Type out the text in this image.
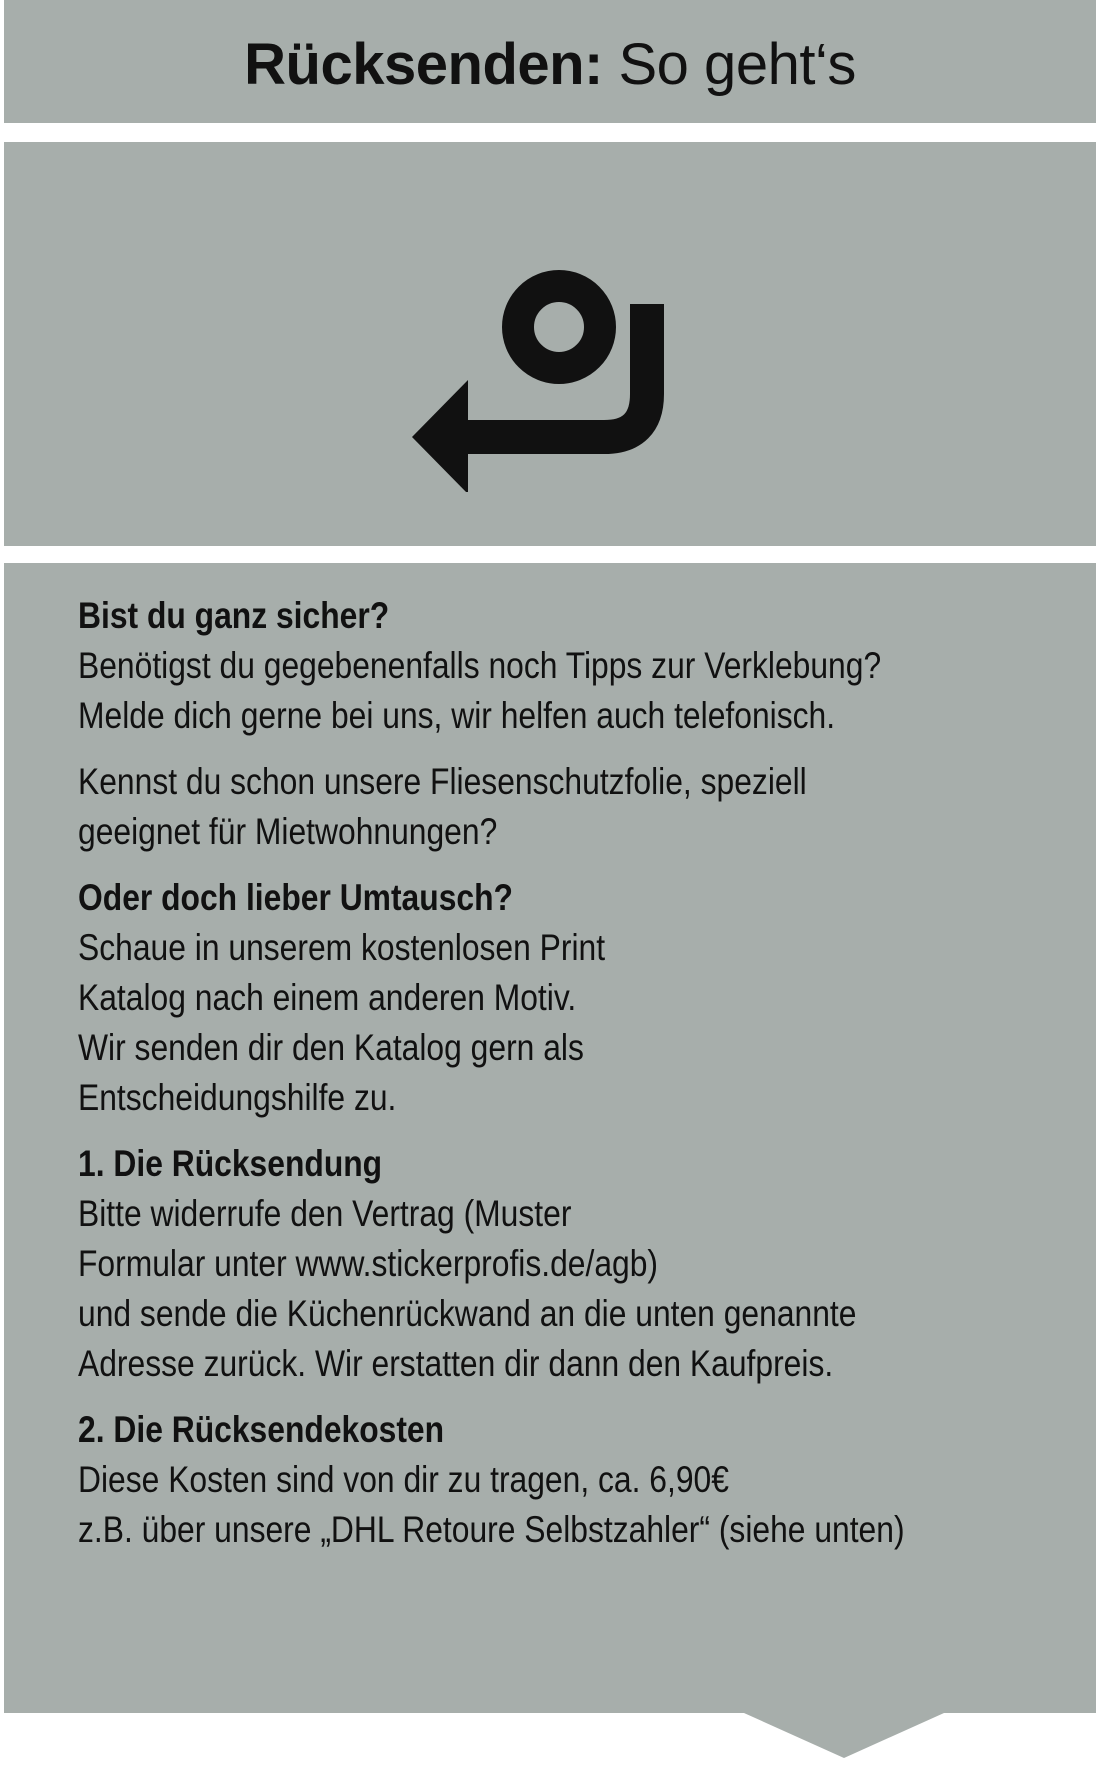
Rücksenden: So geht‘s

Bist du ganz sicher?

Benötigst du gegebenenfalls noch Tipps zur Verklebung?

Melde dich gerne bei uns, wir helfen auch telefonisch.

Kennst du schon unsere Fliesenschutzfolie, speziell

geeignet für Mietwohnungen?

Oder doch lieber Umtausch?

Schaue in unserem kostenlosen Print

Katalog nach einem anderen Motiv.

Wir senden dir den Katalog gern als

Entscheidungshilfe zu.

1. Die Rücksendung

Bitte widerrufe den Vertrag (Muster

Formular unter www.stickerprofis.de/agb)

und sende die Küchenrückwand an die unten genannte

Adresse zurück. Wir erstatten dir dann den Kaufpreis.

2. Die Rücksendekosten

Diese Kosten sind von dir zu tragen, ca. 6,90€

z.B. über unsere „DHL Retoure Selbstzahler“ (siehe unten)
